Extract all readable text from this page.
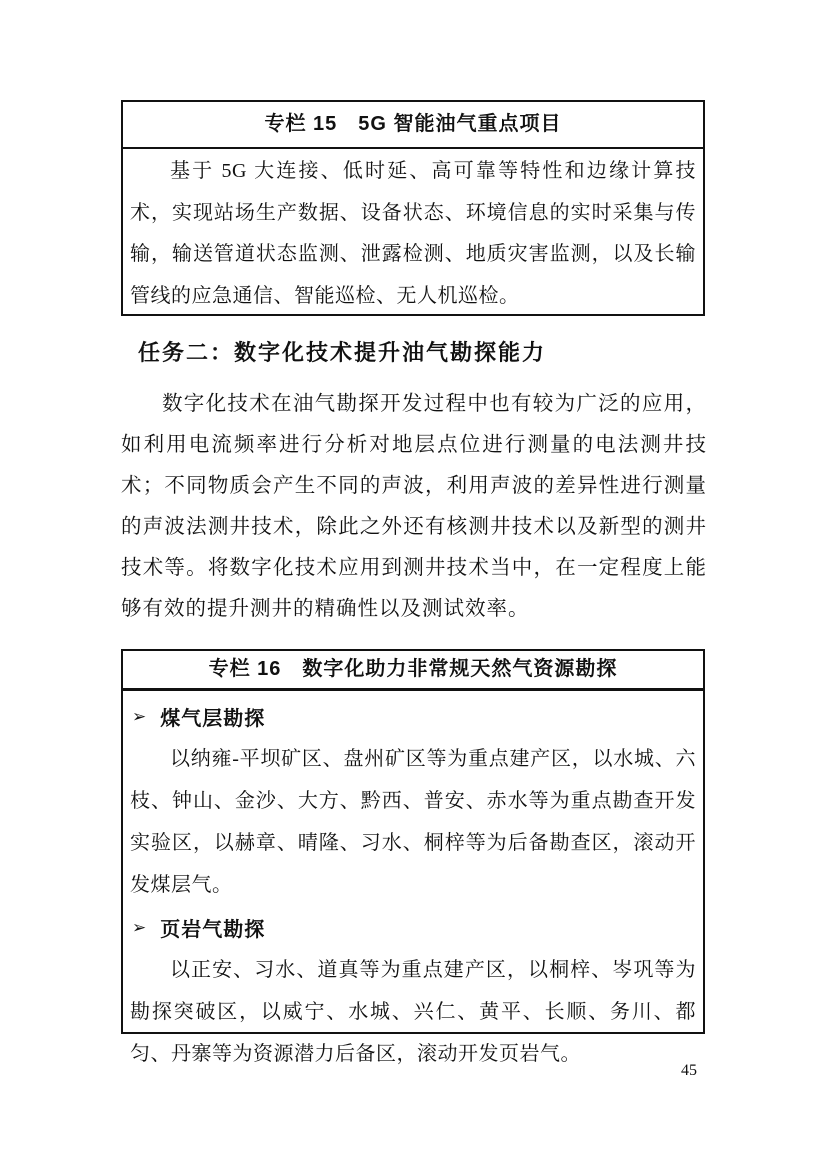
专栏 15　5G 智能油气重点项目
基于 5G 大连接、低时延、高可靠等特性和边缘计算技术，实现站场生产数据、设备状态、环境信息的实时采集与传输，输送管道状态监测、泄露检测、地质灾害监测，以及长输管线的应急通信、智能巡检、无人机巡检。
任务二：数字化技术提升油气勘探能力
数字化技术在油气勘探开发过程中也有较为广泛的应用，如利用电流频率进行分析对地层点位进行测量的电法测井技术；不同物质会产生不同的声波，利用声波的差异性进行测量的声波法测井技术，除此之外还有核测井技术以及新型的测井技术等。将数字化技术应用到测井技术当中，在一定程度上能够有效的提升测井的精确性以及测试效率。
专栏 16　数字化助力非常规天然气资源勘探
➢ 煤气层勘探
以纳雍-平坝矿区、盘州矿区等为重点建产区，以水城、六枝、钟山、金沙、大方、黔西、普安、赤水等为重点勘查开发实验区，以赫章、晴隆、习水、桐梓等为后备勘查区，滚动开发煤层气。
➢ 页岩气勘探
以正安、习水、道真等为重点建产区，以桐梓、岑巩等为勘探突破区，以威宁、水城、兴仁、黄平、长顺、务川、都匀、丹寨等为资源潜力后备区，滚动开发页岩气。
45
